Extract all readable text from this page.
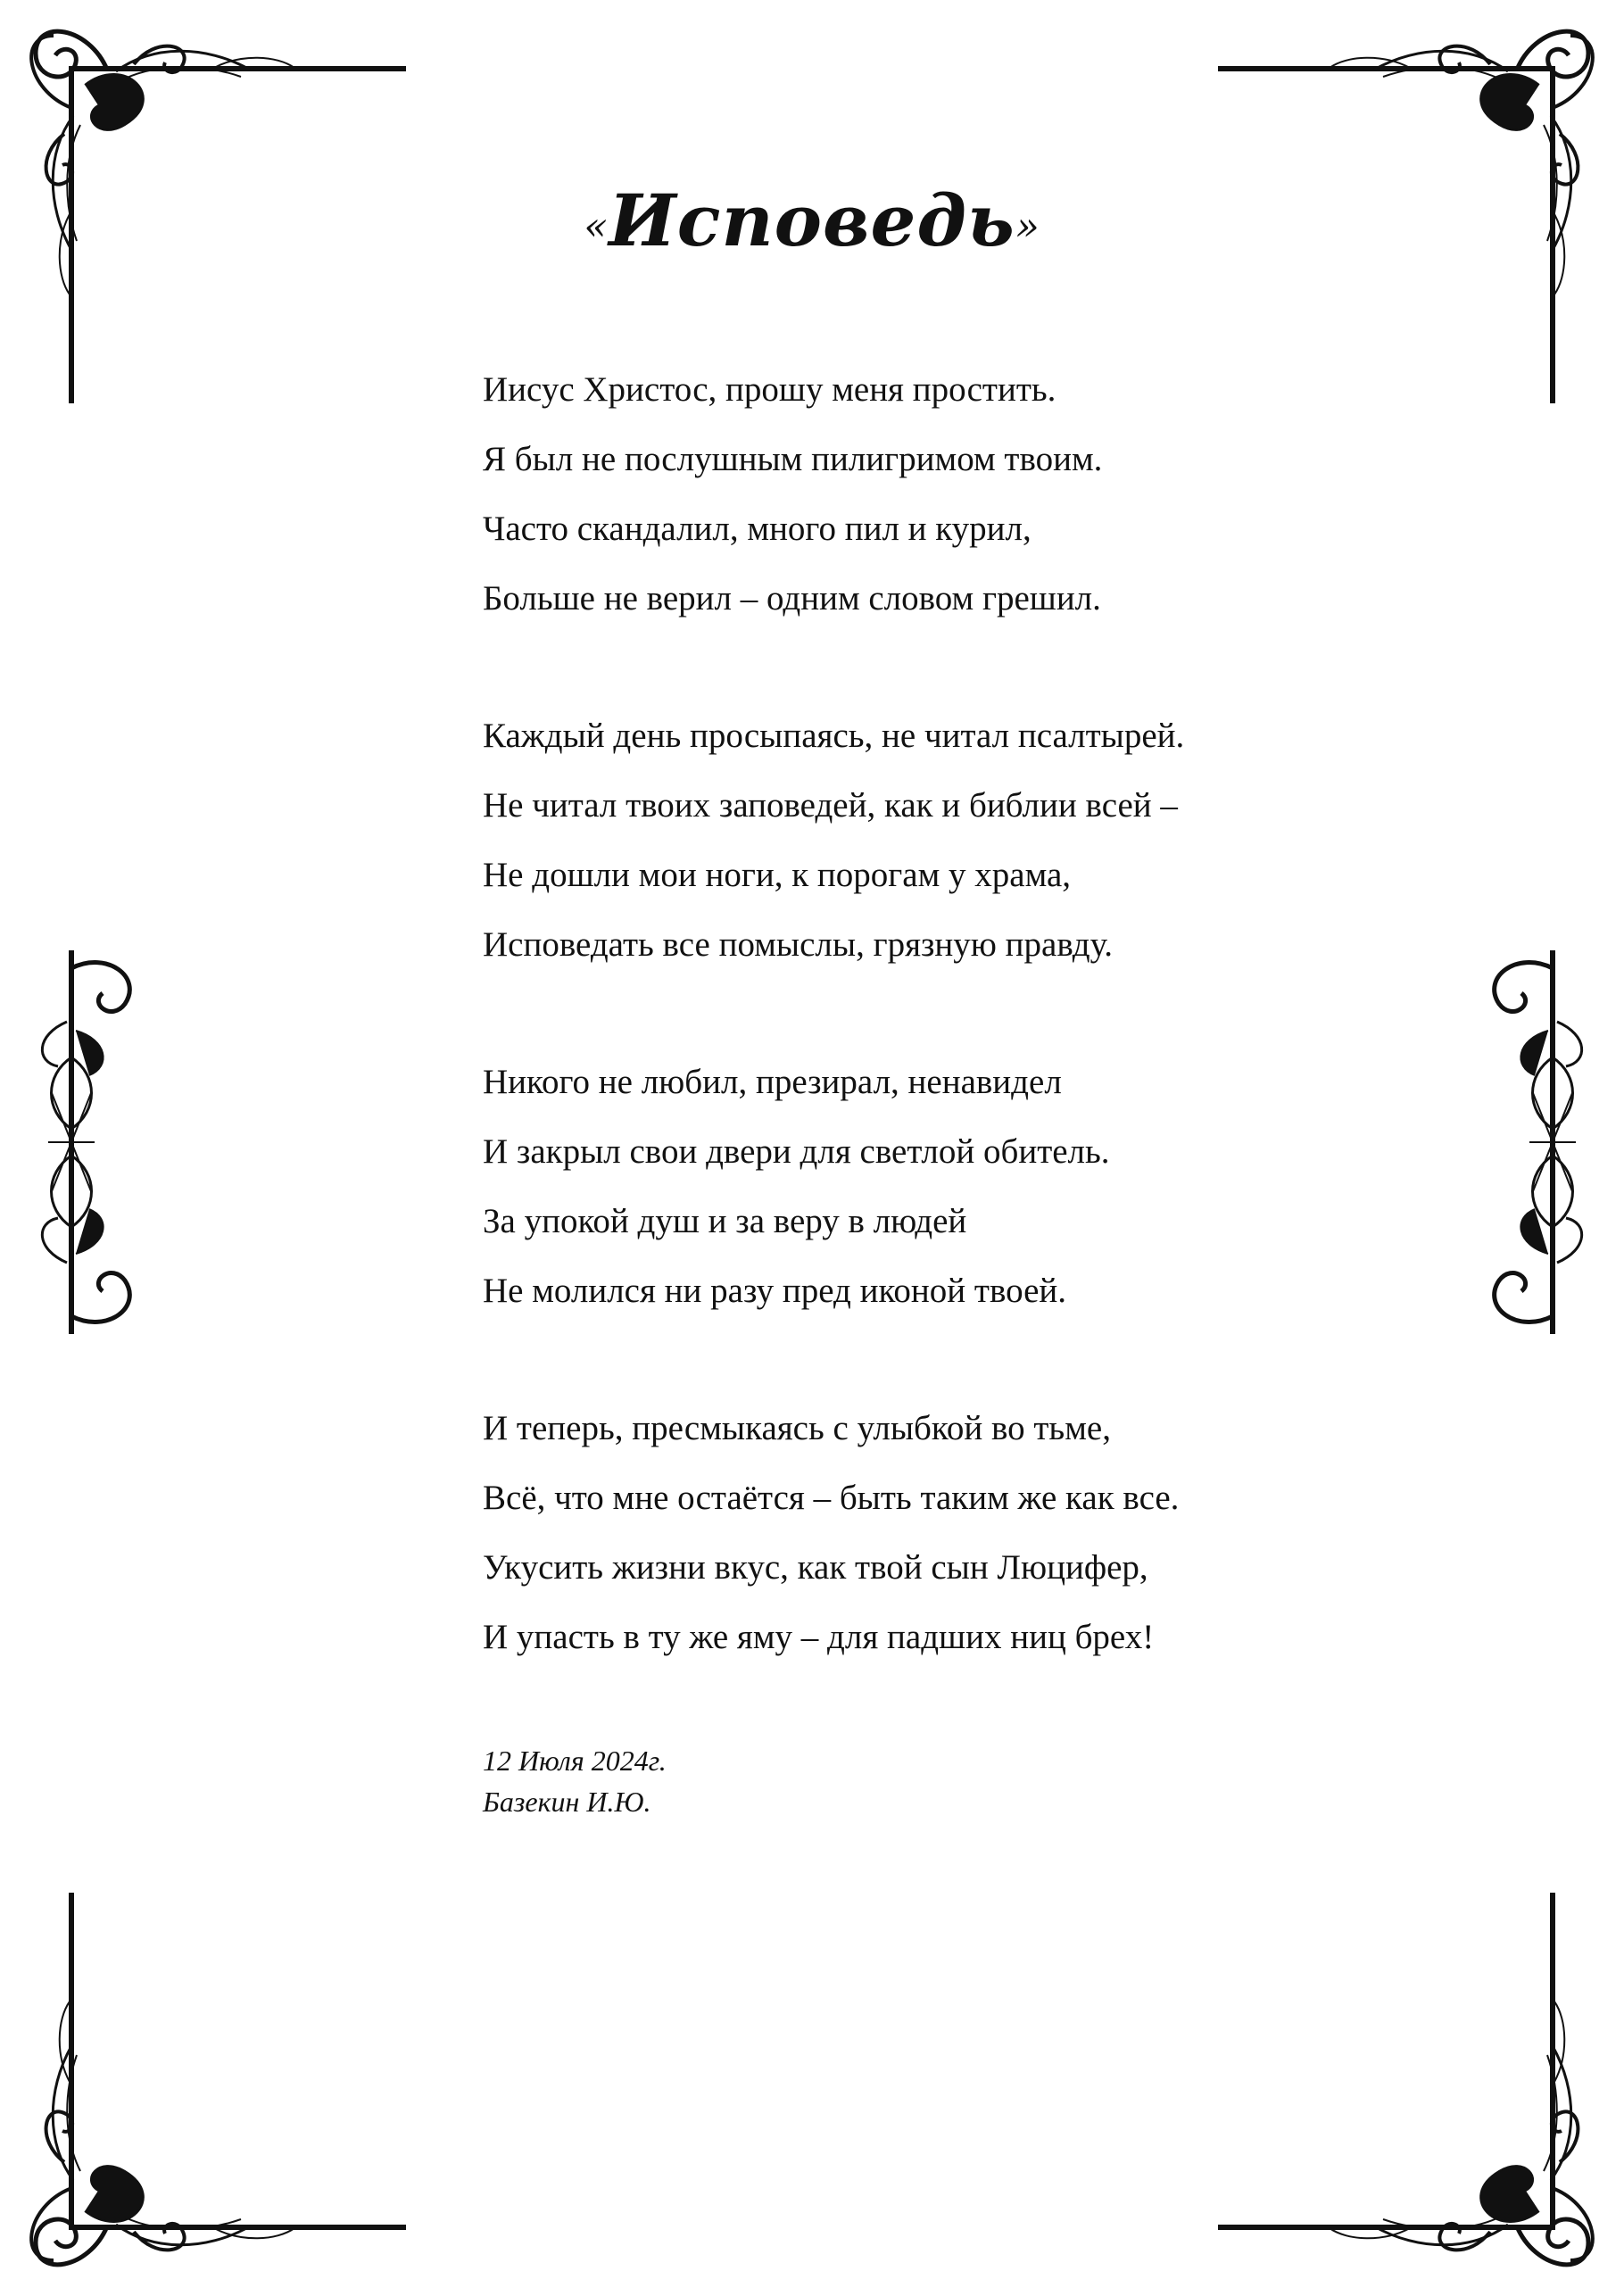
«Исповедь»
Иисус Христос, прошу меня простить.
Я был не послушным пилигримом твоим.
Часто скандалил, много пил и курил,
Больше не верил – одним словом грешил.
Каждый день просыпаясь, не читал псалтырей.
Не читал твоих заповедей, как и библии всей –
Не дошли мои ноги, к порогам у храма,
Исповедать все помыслы, грязную правду.
Никого не любил, презирал, ненавидел
И закрыл свои двери для светлой обитель.
За упокой душ и за веру в людей
Не молился ни разу пред иконой твоей.
И теперь, пресмыкаясь с улыбкой во тьме,
Всё, что мне остаётся – быть таким же как все.
Укусить жизни вкус, как твой сын Люцифер,
И упасть в ту же яму – для падших ниц брех!
12 Июля 2024г.
Базекин И.Ю.
